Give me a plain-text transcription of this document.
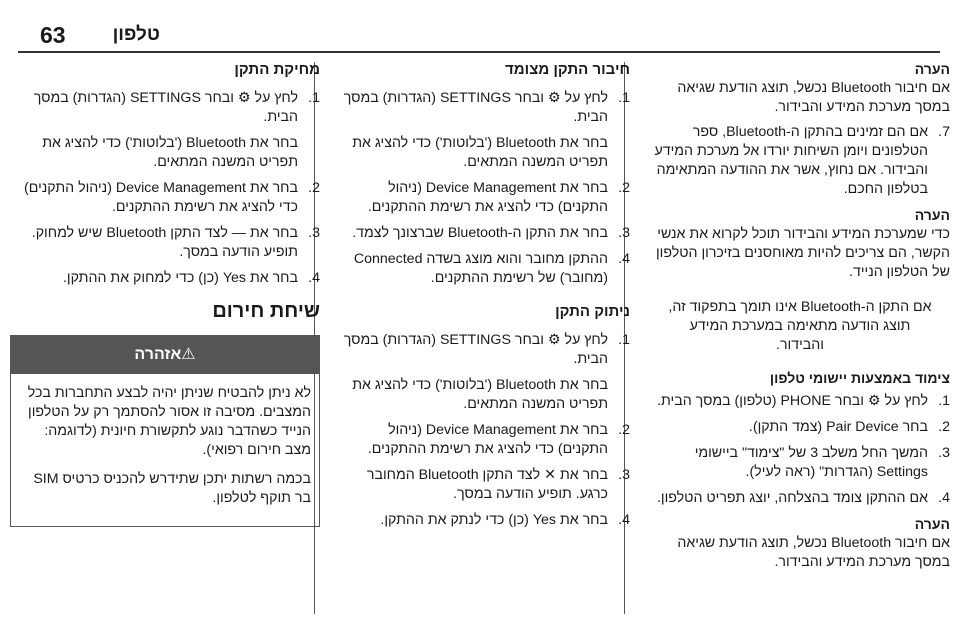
63 טלפון
הערה

אם חיבור Bluetooth נכשל, תוצג הודעת שגיאה במסך מערכת המידע והבידור.

7.
אם הם זמינים בהתקן ה-Bluetooth, ספר הטלפונים ויומן השיחות יורדו אל מערכת המידע והבידור. אם נחוץ, אשר את ההודעה המתאימה בטלפון החכם.
הערה

כדי שמערכת המידע והבידור תוכל לקרוא את אנשי הקשר, הם צריכים להיות מאוחסנים בזיכרון הטלפון של הטלפון הנייד.

אם התקן ה-Bluetooth אינו תומך בתפקוד זה, תוצג הודעה מתאימה במערכת המידע והבידור.

צימוד באמצעות יישומי טלפון
1.
לחץ על ⚙ ובחר PHONE (טלפון) במסך הבית.
2.
בחר Pair Device (צמד התקן).
3.
המשך החל משלב 3 של "צימוד" ביישומי Settings (הגדרות" (ראה לעיל).
4.
אם ההתקן צומד בהצלחה, יוצג תפריט הטלפון.
הערה

אם חיבור Bluetooth נכשל, תוצג הודעת שגיאה במסך מערכת המידע והבידור.

חיבור התקן מצומד
1.
לחץ על ⚙ ובחר SETTINGS (הגדרות) במסך הבית.
בחר את Bluetooth ('בלוטות') כדי להציג את תפריט המשנה המתאים.
2.
בחר את Device Management (ניהול התקנים) כדי להציג את רשימת ההתקנים.
3.
בחר את התקן ה-Bluetooth שברצונך לצמד.
4.
ההתקן מחובר והוא מוצג בשדה Connected (מחובר) של רשימת ההתקנים.
ניתוק התקן
1.
לחץ על ⚙ ובחר SETTINGS (הגדרות) במסך הבית.
בחר את Bluetooth ('בלוטות') כדי להציג את תפריט המשנה המתאים.
2.
בחר את Device Management (ניהול התקנים) כדי להציג את רשימת ההתקנים.
3.
בחר את ✕ לצד התקן Bluetooth המחובר כרגע. תופיע הודעה במסך.
4.
בחר את Yes (כן) כדי לנתק את ההתקן.
מחיקת התקן
1.
לחץ על ⚙ ובחר SETTINGS (הגדרות) במסך הבית.
בחר את Bluetooth ('בלוטות') כדי להציג את תפריט המשנה המתאים.
2.
בחר את Device Management (ניהול התקנים) כדי להציג את רשימת ההתקנים.
3.
בחר את ― לצד התקן Bluetooth שיש למחוק. תופיע הודעה במסך.
4.
בחר את Yes (כן) כדי למחוק את ההתקן.
שיחת חירום
⚠אזהרה

לא ניתן להבטיח שניתן יהיה לבצע התחברות בכל המצבים. מסיבה זו אסור להסתמך רק על הטלפון הנייד כשהדבר נוגע לתקשורת חיונית (לדוגמה: מצב חירום רפואי).

בכמה רשתות יתכן שתידרש להכניס כרטיס SIM בר תוקף לטלפון.
